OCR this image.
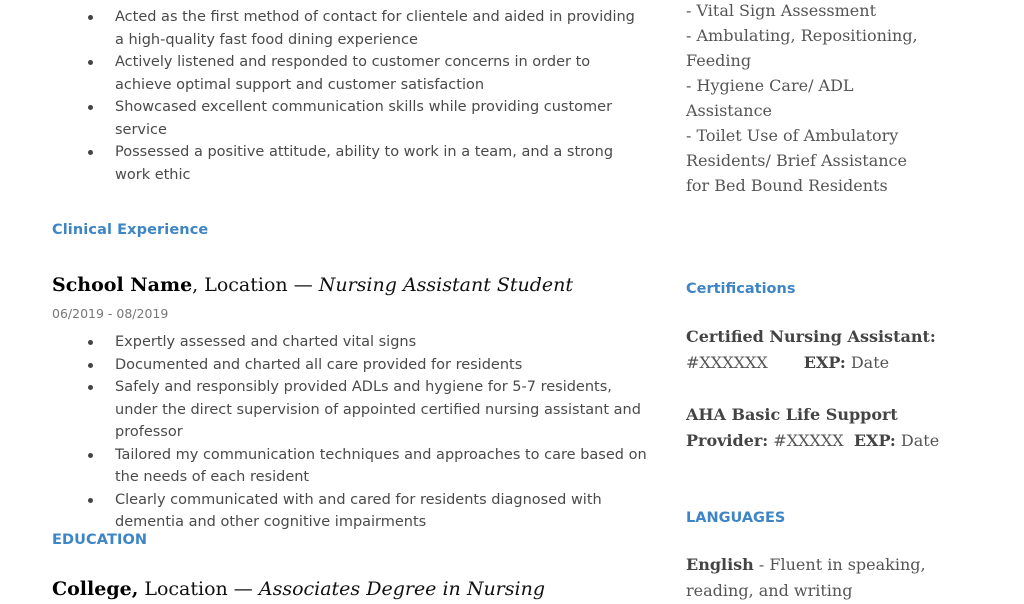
Acted as the first method of contact for clientele and aided in providing a high-quality fast food dining experience
Actively listened and responded to customer concerns in order to achieve optimal support and customer satisfaction
Showcased excellent communication skills while providing customer service
Possessed a positive attitude, ability to work in a team, and a strong work ethic
Clinical Experience
School Name, Location — Nursing Assistant Student
06/2019 - 08/2019
Expertly assessed and charted vital signs
Documented and charted all care provided for residents
Safely and responsibly provided ADLs and hygiene for 5-7 residents, under the direct supervision of appointed certified nursing assistant and professor
Tailored my communication techniques and approaches to care based on the needs of each resident
Clearly communicated with and cared for residents diagnosed with dementia and other cognitive impairments
EDUCATION
College, Location — Associates Degree in Nursing
- Vital Sign Assessment
- Ambulating, Repositioning,
Feeding
- Hygiene Care/ ADL
Assistance
- Toilet Use of Ambulatory
Residents/ Brief Assistance
for Bed Bound Residents
Certifications
Certified Nursing Assistant:
#XXXXXX EXP: Date
AHA Basic Life Support
Provider: #XXXXX EXP: Date
LANGUAGES
English - Fluent in speaking,
reading, and writing
